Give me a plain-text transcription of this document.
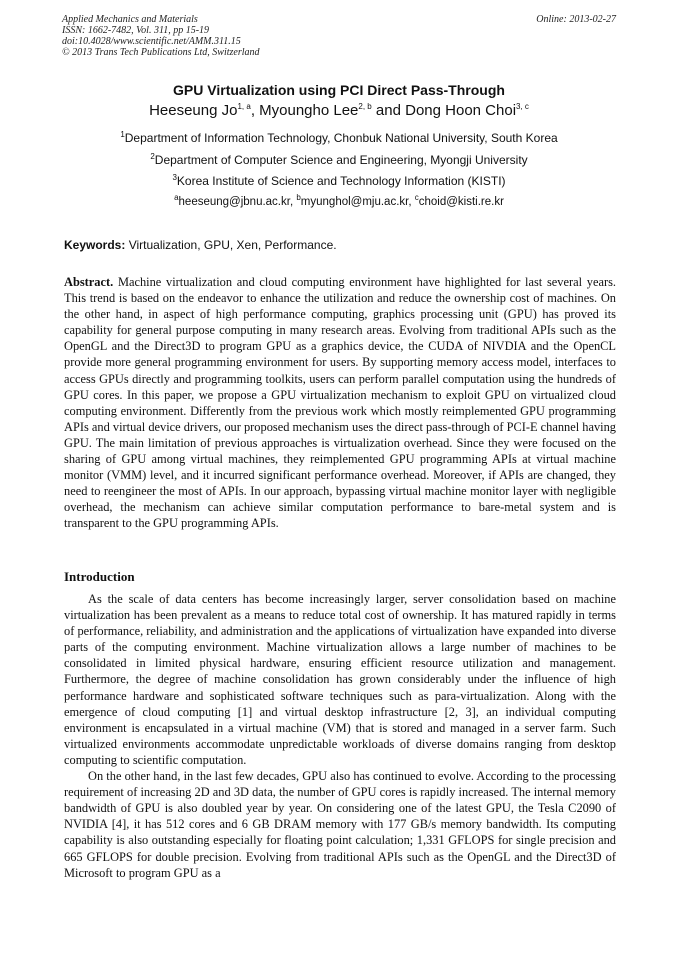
Applied Mechanics and Materials
ISSN: 1662-7482, Vol. 311, pp 15-19
doi:10.4028/www.scientific.net/AMM.311.15
© 2013 Trans Tech Publications Ltd, Switzerland
Online: 2013-02-27
GPU Virtualization using PCI Direct Pass-Through
Heeseung Jo$^{1, a}$, Myoungho Lee$^{2, b}$ and Dong Hoon Choi$^{3, c}$
$^1$Department of Information Technology, Chonbuk National University, South Korea
$^2$Department of Computer Science and Engineering, Myongji University
$^3$Korea Institute of Science and Technology Information (KISTI)
$^a$heeseung@jbnu.ac.kr, $^b$myunghol@mju.ac.kr, $^c$choid@kisti.re.kr
Keywords: Virtualization, GPU, Xen, Performance.

Abstract. Machine virtualization and cloud computing environment have highlighted for last several years. This trend is based on the endeavor to enhance the utilization and reduce the ownership cost of machines. On the other hand, in aspect of high performance computing, graphics processing unit (GPU) has proved its capability for general purpose computing in many research areas. Evolving from traditional APIs such as the OpenGL and the Direct3D to program GPU as a graphics device, the CUDA of NIVDIA and the OpenCL provide more general programming environment for users. By supporting memory access model, interfaces to access GPUs directly and programming toolkits, users can perform parallel computation using the hundreds of GPU cores. In this paper, we propose a GPU virtualization mechanism to exploit GPU on virtualized cloud computing environment. Differently from the previous work which mostly reimplemented GPU programming APIs and virtual device drivers, our proposed mechanism uses the direct pass-through of PCI-E channel having GPU. The main limitation of previous approaches is virtualization overhead. Since they were focused on the sharing of GPU among virtual machines, they reimplemented GPU programming APIs at virtual machine monitor (VMM) level, and it incurred significant performance overhead. Moreover, if APIs are changed, they need to reengineer the most of APIs. In our approach, bypassing virtual machine monitor layer with negligible overhead, the mechanism can achieve similar computation performance to bare-metal system and is transparent to the GPU programming APIs.

Introduction

As the scale of data centers has become increasingly larger, server consolidation based on machine virtualization has been prevalent as a means to reduce total cost of ownership. It has matured rapidly in terms of performance, reliability, and administration and the applications of virtualization have expanded into diverse parts of the computing environment. Machine virtualization allows a large number of machines to be consolidated in limited physical hardware, ensuring efficient resource utilization and management. Furthermore, the degree of machine consolidation has grown considerably under the influence of high performance hardware and sophisticated software techniques such as para-virtualization. Along with the emergence of cloud computing [1] and virtual desktop infrastructure [2, 3], an individual computing environment is encapsulated in a virtual machine (VM) that is stored and managed in a server farm. Such virtualized environments accommodate unpredictable workloads of diverse domains ranging from desktop computing to scientific computation.

On the other hand, in the last few decades, GPU also has continued to evolve. According to the processing requirement of increasing 2D and 3D data, the number of GPU cores is rapidly increased. The internal memory bandwidth of GPU is also doubled year by year. On considering one of the latest GPU, the Tesla C2090 of NVIDIA [4], it has 512 cores and 6 GB DRAM memory with 177 GB/s memory bandwidth. Its computing capability is also outstanding especially for floating point calculation; 1,331 GFLOPS for single precision and 665 GFLOPS for double precision. Evolving from traditional APIs such as the OpenGL and the Direct3D of Microsoft to program GPU as a
